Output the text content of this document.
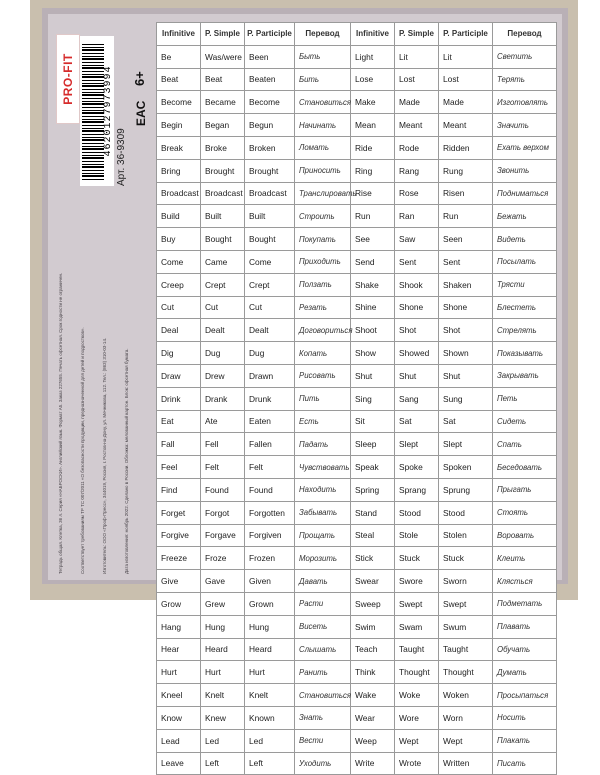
Тетрадь общая. Клетка, 36 л. Серия «НАБРОСКИ». Английский язык. Формат А5. Заказ 227655. Печать офсетная. Срок годности не ограничен.	Соответствует требованиям ТР ТС 007/2011 «О безопасности продукции, предназначенной для детей и подростков».	Изготовитель: ООО «Проф-Пресс», 344019, Россия, г. Ростов-на-Дону, ул. Мечникова, 112. Тел.: (863) 310-03-14.	Дата изготовления: ноябрь 2022. Сделано в России. Обложка: мелованный картон. Блок: офсетная бумага.
PRO-FIT	4620127973994
Арт. 36-9309
EAC
6+
Infinitive	P. Simple	P. Participle	Перевод	Infinitive	P. Simple	P. Participle	Перевод
Be	Was/were	Been	Быть	Light	Lit	Lit	Светить
Beat	Beat	Beaten	Бить	Lose	Lost	Lost	Терять
Become	Became	Become	Становиться	Make	Made	Made	Изготовлять
Begin	Began	Begun	Начинать	Mean	Meant	Meant	Значить
Break	Broke	Broken	Ломать	Ride	Rode	Ridden	Ехать верхом
Bring	Brought	Brought	Приносить	Ring	Rang	Rung	Звонить
Broadcast	Broadcast	Broadcast	Транслировать	Rise	Rose	Risen	Подниматься
Build	Built	Built	Строить	Run	Ran	Run	Бежать
Buy	Bought	Bought	Покупать	See	Saw	Seen	Видеть
Come	Came	Come	Приходить	Send	Sent	Sent	Посылать
Creep	Crept	Crept	Ползать	Shake	Shook	Shaken	Трясти
Cut	Cut	Cut	Резать	Shine	Shone	Shone	Блестеть
Deal	Dealt	Dealt	Договориться	Shoot	Shot	Shot	Стрелять
Dig	Dug	Dug	Копать	Show	Showed	Shown	Показывать
Draw	Drew	Drawn	Рисовать	Shut	Shut	Shut	Закрывать
Drink	Drank	Drunk	Пить	Sing	Sang	Sung	Петь
Eat	Ate	Eaten	Есть	Sit	Sat	Sat	Сидеть
Fall	Fell	Fallen	Падать	Sleep	Slept	Slept	Спать
Feel	Felt	Felt	Чувствовать	Speak	Spoke	Spoken	Беседовать
Find	Found	Found	Находить	Spring	Sprang	Sprung	Прыгать
Forget	Forgot	Forgotten	Забывать	Stand	Stood	Stood	Стоять
Forgive	Forgave	Forgiven	Прощать	Steal	Stole	Stolen	Воровать
Freeze	Froze	Frozen	Морозить	Stick	Stuck	Stuck	Клеить
Give	Gave	Given	Давать	Swear	Swore	Sworn	Клясться
Grow	Grew	Grown	Расти	Sweep	Swept	Swept	Подметать
Hang	Hung	Hung	Висеть	Swim	Swam	Swum	Плавать
Hear	Heard	Heard	Слышать	Teach	Taught	Taught	Обучать
Hurt	Hurt	Hurt	Ранить	Think	Thought	Thought	Думать
Kneel	Knelt	Knelt	Становиться	Wake	Woke	Woken	Просыпаться
Know	Knew	Known	Знать	Wear	Wore	Worn	Носить
Lead	Led	Led	Вести	Weep	Wept	Wept	Плакать
Leave	Left	Left	Уходить	Write	Wrote	Written	Писать
